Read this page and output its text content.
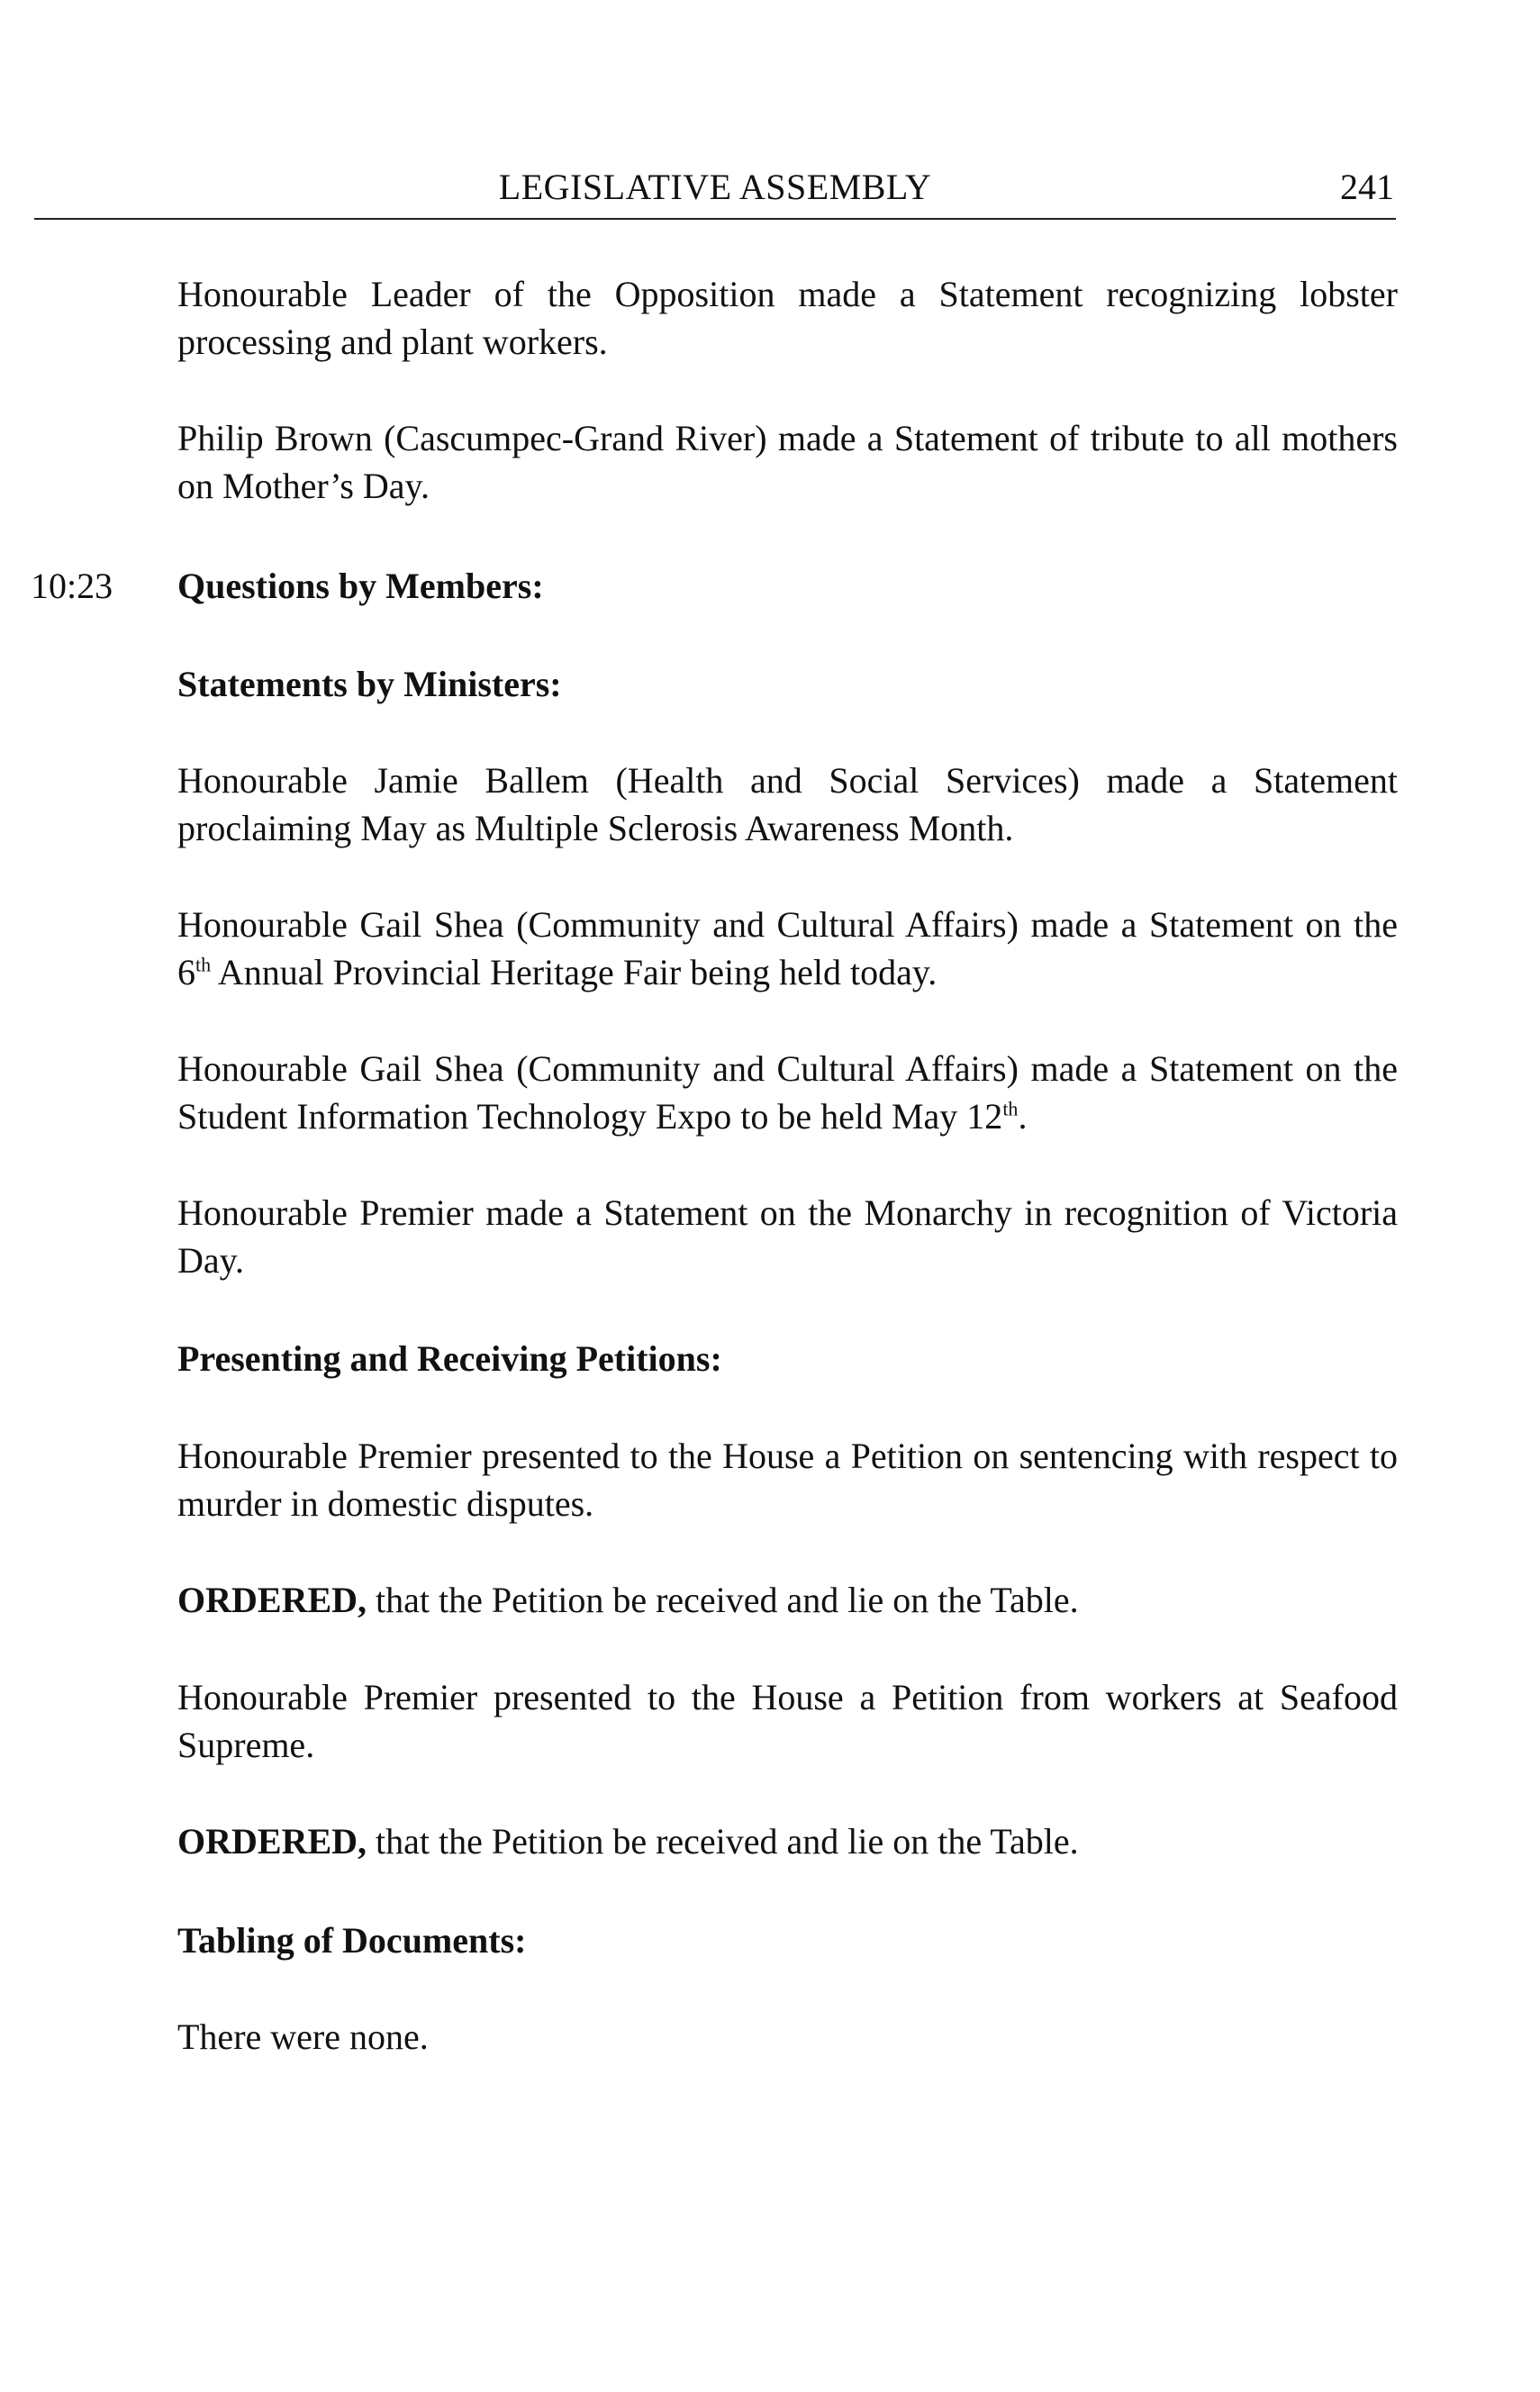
LEGISLATIVE ASSEMBLY	241
Honourable Leader of the Opposition made a Statement recognizing lobster processing and plant workers.
Philip Brown (Cascumpec-Grand River) made a Statement of tribute to all mothers on Mother’s Day.
10:23 Questions by Members:
Statements by Ministers:
Honourable Jamie Ballem (Health and Social Services) made a Statement proclaiming May as Multiple Sclerosis Awareness Month.
Honourable Gail Shea (Community and Cultural Affairs) made a Statement on the 6th Annual Provincial Heritage Fair being held today.
Honourable Gail Shea (Community and Cultural Affairs) made a Statement on the Student Information Technology Expo to be held May 12th.
Honourable Premier made a Statement on the Monarchy in recognition of Victoria Day.
Presenting and Receiving Petitions:
Honourable Premier presented to the House a Petition on sentencing with respect to murder in domestic disputes.
ORDERED, that the Petition be received and lie on the Table.
Honourable Premier presented to the House a Petition from workers at Seafood Supreme.
ORDERED, that the Petition be received and lie on the Table.
Tabling of Documents:
There were none.
